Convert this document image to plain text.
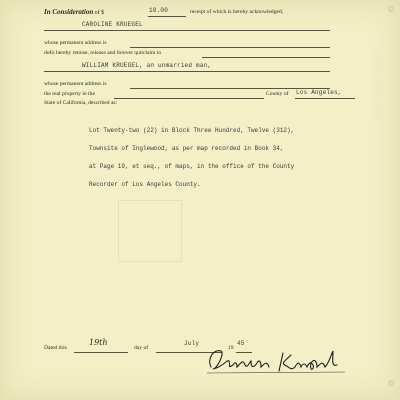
░░░░░░░░░░░░░░
In Consideration of $	10.00	receipt of which is hereby acknowledged,
CAROLINE KRUEGEL
whose permanent address is
do€s hereby remise, release and forever quitclaim to
WILLIAM KRUEGEL, an unmarried man,
whose permanent address is
the real property in the	County of Los Angeles,
State of California, described as:
Lot Twenty-two (22) in Block Three Hundred, Twelve (312),
Townsite of Inglewood, as per map recorded in Book 34,
at Page 19, et seq., of maps, in the office of the County
Recorder of Los Angeles County.
Dated this
19th
day of
July
19
45
